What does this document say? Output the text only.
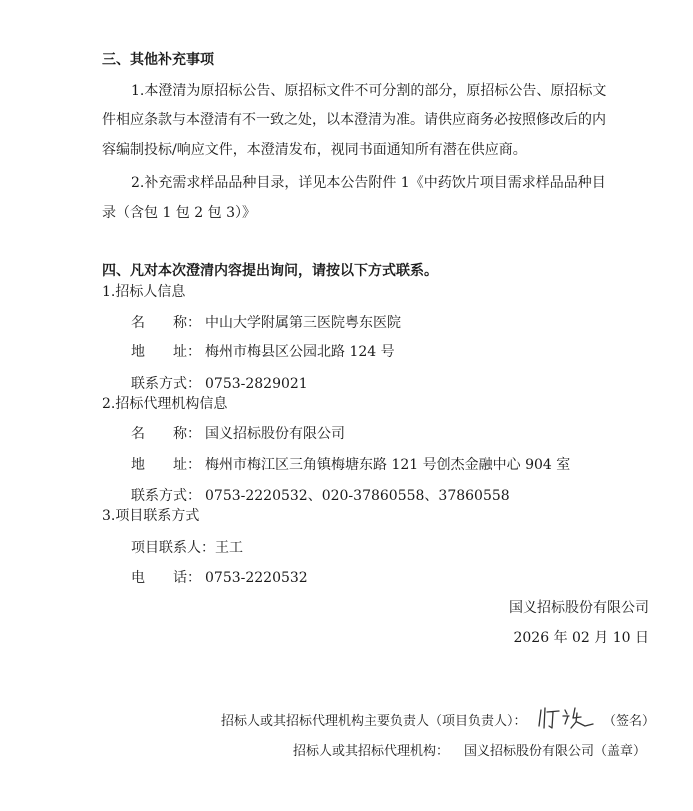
三、其他补充事项
1.本澄清为原招标公告、原招标文件不可分割的部分，原招标公告、原招标文
件相应条款与本澄清有不一致之处，以本澄清为准。请供应商务必按照修改后的内
容编制投标/响应文件，本澄清发布，视同书面通知所有潜在供应商。
2.补充需求样品品种目录，详见本公告附件 1《中药饮片项目需求样品品种目
录（含包 1 包 2 包 3）》
四、凡对本次澄清内容提出询问，请按以下方式联系。
1.招标人信息
名　　称： 中山大学附属第三医院粤东医院
地　　址： 梅州市梅县区公园北路 124 号
联系方式： 0753-2829021
2.招标代理机构信息
名　　称： 国义招标股份有限公司
地　　址： 梅州市梅江区三角镇梅塘东路 121 号创杰金融中心 904 室
联系方式： 0753-2220532、020-37860558、37860558
3.项目联系方式
项目联系人：王工
电　　话： 0753-2220532
国义招标股份有限公司
2026 年 02 月 10 日
招标人或其招标代理机构主要负责人（项目负责人）：	（签名）
招标人或其招标代理机构： 国义招标股份有限公司（盖章）
